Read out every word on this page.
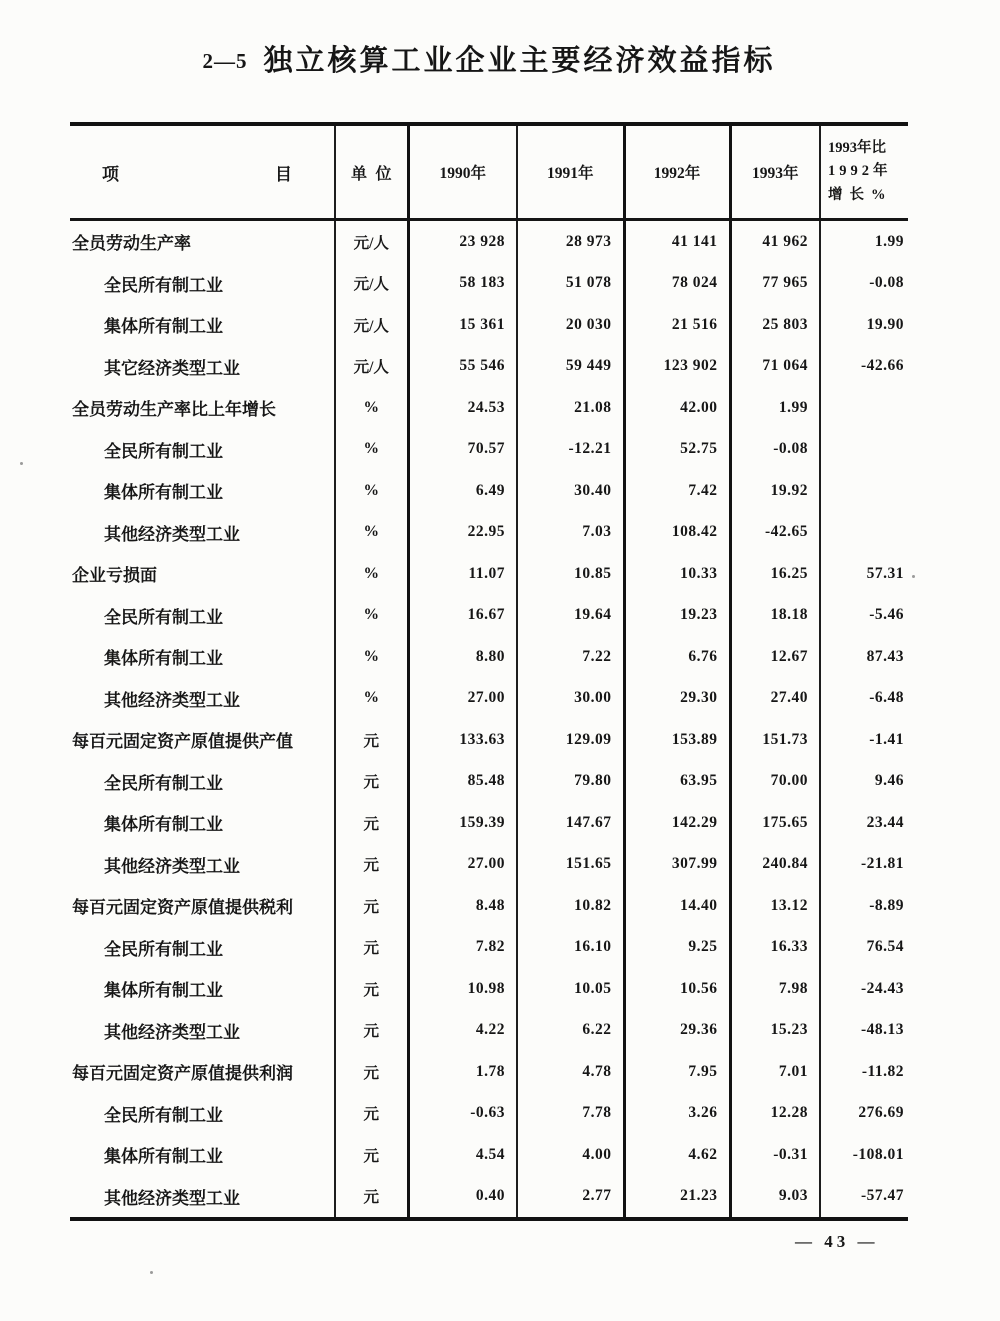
2—5 独立核算工业企业主要经济效益指标
项目	单位	1990年	1991年	1992年	1993年	1993年比
1992年
增长%

全员劳动生产率	元/人	23 928	28 973	41 141	41 962	1.99
全民所有制工业	元/人	58 183	51 078	78 024	77 965	-0.08
集体所有制工业	元/人	15 361	20 030	21 516	25 803	19.90
其它经济类型工业	元/人	55 546	59 449	123 902	71 064	-42.66
全员劳动生产率比上年增长	%	24.53	21.08	42.00	1.99	
全民所有制工业	%	70.57	-12.21	52.75	-0.08	
集体所有制工业	%	6.49	30.40	7.42	19.92	
其他经济类型工业	%	22.95	7.03	108.42	-42.65	
企业亏损面	%	11.07	10.85	10.33	16.25	57.31
全民所有制工业	%	16.67	19.64	19.23	18.18	-5.46
集体所有制工业	%	8.80	7.22	6.76	12.67	87.43
其他经济类型工业	%	27.00	30.00	29.30	27.40	-6.48
每百元固定资产原值提供产值	元	133.63	129.09	153.89	151.73	-1.41
全民所有制工业	元	85.48	79.80	63.95	70.00	9.46
集体所有制工业	元	159.39	147.67	142.29	175.65	23.44
其他经济类型工业	元	27.00	151.65	307.99	240.84	-21.81
每百元固定资产原值提供税利	元	8.48	10.82	14.40	13.12	-8.89
全民所有制工业	元	7.82	16.10	9.25	16.33	76.54
集体所有制工业	元	10.98	10.05	10.56	7.98	-24.43
其他经济类型工业	元	4.22	6.22	29.36	15.23	-48.13
每百元固定资产原值提供利润	元	1.78	4.78	7.95	7.01	-11.82
全民所有制工业	元	-0.63	7.78	3.26	12.28	276.69
集体所有制工业	元	4.54	4.00	4.62	-0.31	-108.01
其他经济类型工业	元	0.40	2.77	21.23	9.03	-57.47
— 43 —
